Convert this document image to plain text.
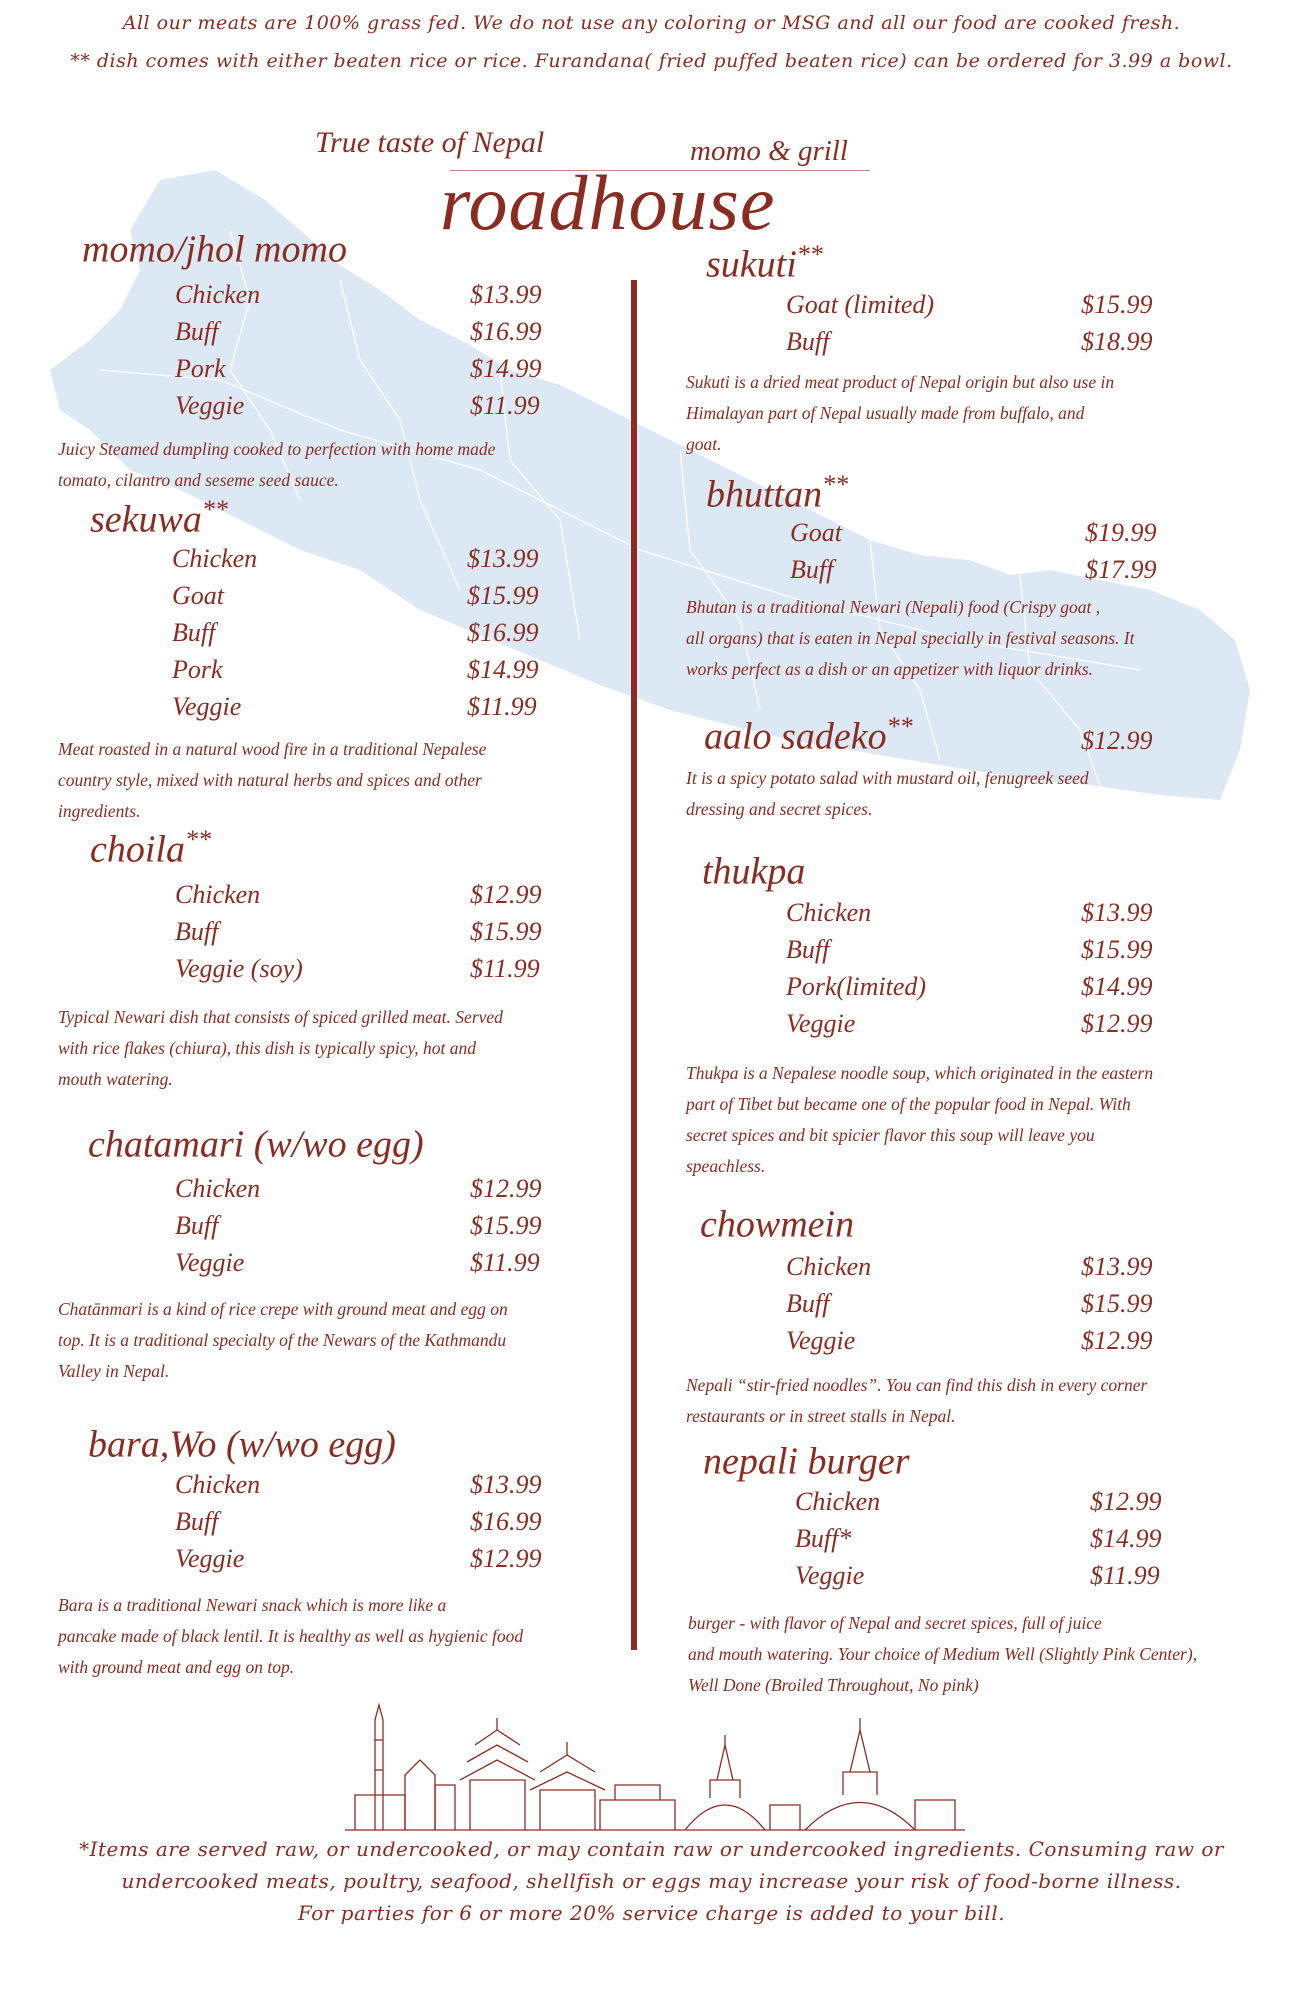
All our meats are 100% grass fed. We do not use any coloring or MSG and all our food are cooked fresh.
** dish comes with either beaten rice or rice. Furandana( fried puffed beaten rice) can be ordered for 3.99 a bowl.
True taste of Nepal	momo & grill
roadhouse
momo/jhol momo
Chicken	$13.99
Buff	$16.99
Pork	$14.99
Veggie	$11.99
Juicy Steamed dumpling cooked to perfection with home made
tomato, cilantro and seseme seed sauce.
sekuwa**
Chicken	$13.99
Goat	$15.99
Buff	$16.99
Pork	$14.99
Veggie	$11.99
Meat roasted in a natural wood fire in a traditional Nepalese
country style, mixed with natural herbs and spices and other
ingredients.
choila**
Chicken	$12.99
Buff	$15.99
Veggie (soy)	$11.99
Typical Newari dish that consists of spiced grilled meat. Served
with rice flakes (chiura), this dish is typically spicy, hot and
mouth watering.
chatamari (w/wo egg)
Chicken	$12.99
Buff	$15.99
Veggie	$11.99
Chatānmari is a kind of rice crepe with ground meat and egg on
top. It is a traditional specialty of the Newars of the Kathmandu
Valley in Nepal.
bara,Wo (w/wo egg)
Chicken	$13.99
Buff	$16.99
Veggie	$12.99
Bara is a traditional Newari snack which is more like a
pancake made of black lentil. It is healthy as well as hygienic food
with ground meat and egg on top.
sukuti**
Goat (limited)	$15.99
Buff	$18.99
Sukuti is a dried meat product of Nepal origin but also use in
Himalayan part of Nepal usually made from buffalo, and
goat.
bhuttan**
Goat	$19.99
Buff	$17.99
Bhutan is a traditional Newari (Nepali) food (Crispy goat ,
all organs) that is eaten in Nepal specially in festival seasons. It
works perfect as a dish or an appetizer with liquor drinks.
aalo sadeko**	$12.99
It is a spicy potato salad with mustard oil, fenugreek seed
dressing and secret spices.
thukpa
Chicken	$13.99
Buff	$15.99
Pork(limited)	$14.99
Veggie	$12.99
Thukpa is a Nepalese noodle soup, which originated in the eastern
part of Tibet but became one of the popular food in Nepal. With
secret spices and bit spicier flavor this soup will leave you
speachless.
chowmein
Chicken	$13.99
Buff	$15.99
Veggie	$12.99
Nepali “stir-fried noodles”. You can find this dish in every corner
restaurants or in street stalls in Nepal.
nepali burger
Chicken	$12.99
Buff*	$14.99
Veggie	$11.99
burger - with flavor of Nepal and secret spices, full of juice
and mouth watering. Your choice of Medium Well (Slightly Pink Center),
Well Done (Broiled Throughout, No pink)
*Items are served raw, or undercooked, or may contain raw or undercooked ingredients. Consuming raw or
undercooked meats, poultry, seafood, shellfish or eggs may increase your risk of food-borne illness.
For parties for 6 or more 20% service charge is added to your bill.
